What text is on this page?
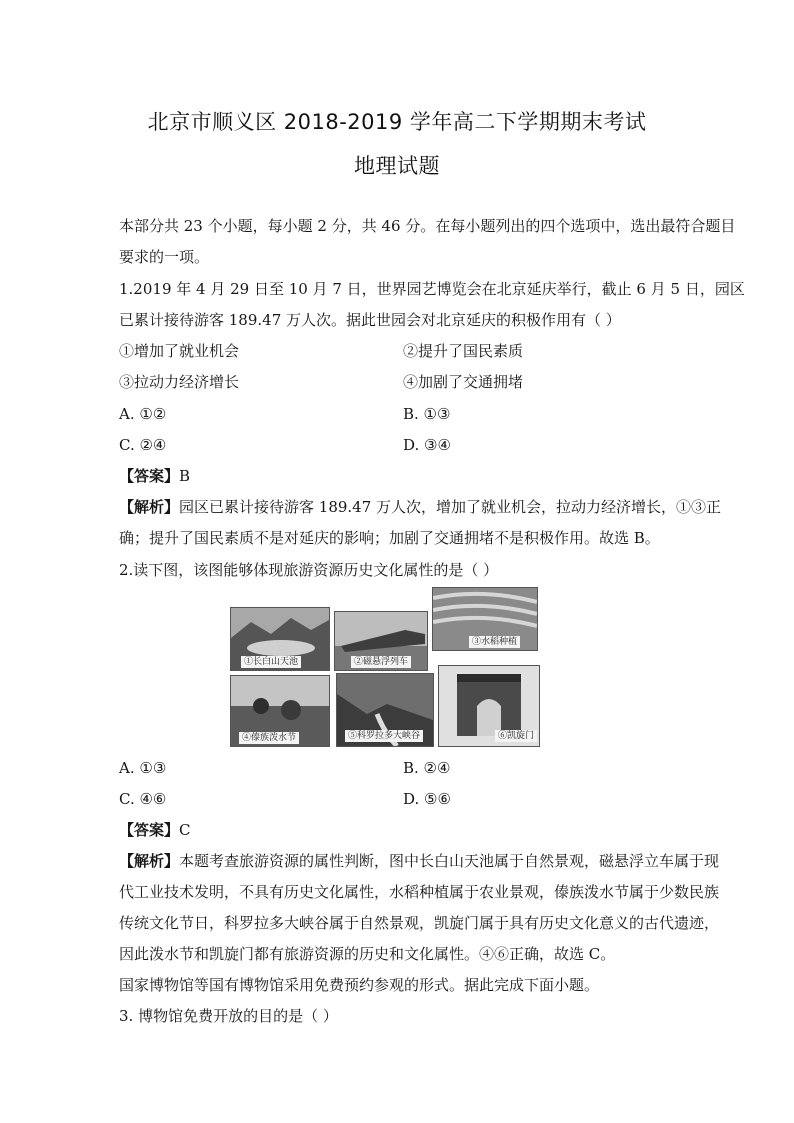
北京市顺义区 2018-2019 学年高二下学期期末考试
地理试题
本部分共 23 个小题，每小题 2 分，共 46 分。在每小题列出的四个选项中，选出最符合题目
要求的一项。
1.2019 年 4 月 29 日至 10 月 7 日，世界园艺博览会在北京延庆举行，截止 6 月 5 日，园区
已累计接待游客 189.47 万人次。据此世园会对北京延庆的积极作用有（ ）
①增加了就业机会	②提升了国民素质
③拉动力经济增长	④加剧了交通拥堵
A. ①②	B. ①③
C. ②④	D. ③④
【答案】B
【解析】园区已累计接待游客 189.47 万人次，增加了就业机会，拉动力经济增长，①③正
确；提升了国民素质不是对延庆的影响；加剧了交通拥堵不是积极作用。故选 B。
2.读下图，该图能够体现旅游资源历史文化属性的是（ ）
①长白山天池	②磁悬浮列车
③水稻种植
④傣族泼水节	⑤科罗拉多大峡谷	⑥凯旋门
A. ①③	B. ②④
C. ④⑥	D. ⑤⑥
【答案】C
【解析】本题考查旅游资源的属性判断，图中长白山天池属于自然景观，磁悬浮立车属于现
代工业技术发明，不具有历史文化属性，水稻种植属于农业景观，傣族泼水节属于少数民族
传统文化节日，科罗拉多大峡谷属于自然景观，凯旋门属于具有历史文化意义的古代遗迹，
因此泼水节和凯旋门都有旅游资源的历史和文化属性。④⑥正确，故选 C。
国家博物馆等国有博物馆采用免费预约参观的形式。据此完成下面小题。
3. 博物馆免费开放的目的是（ ）
